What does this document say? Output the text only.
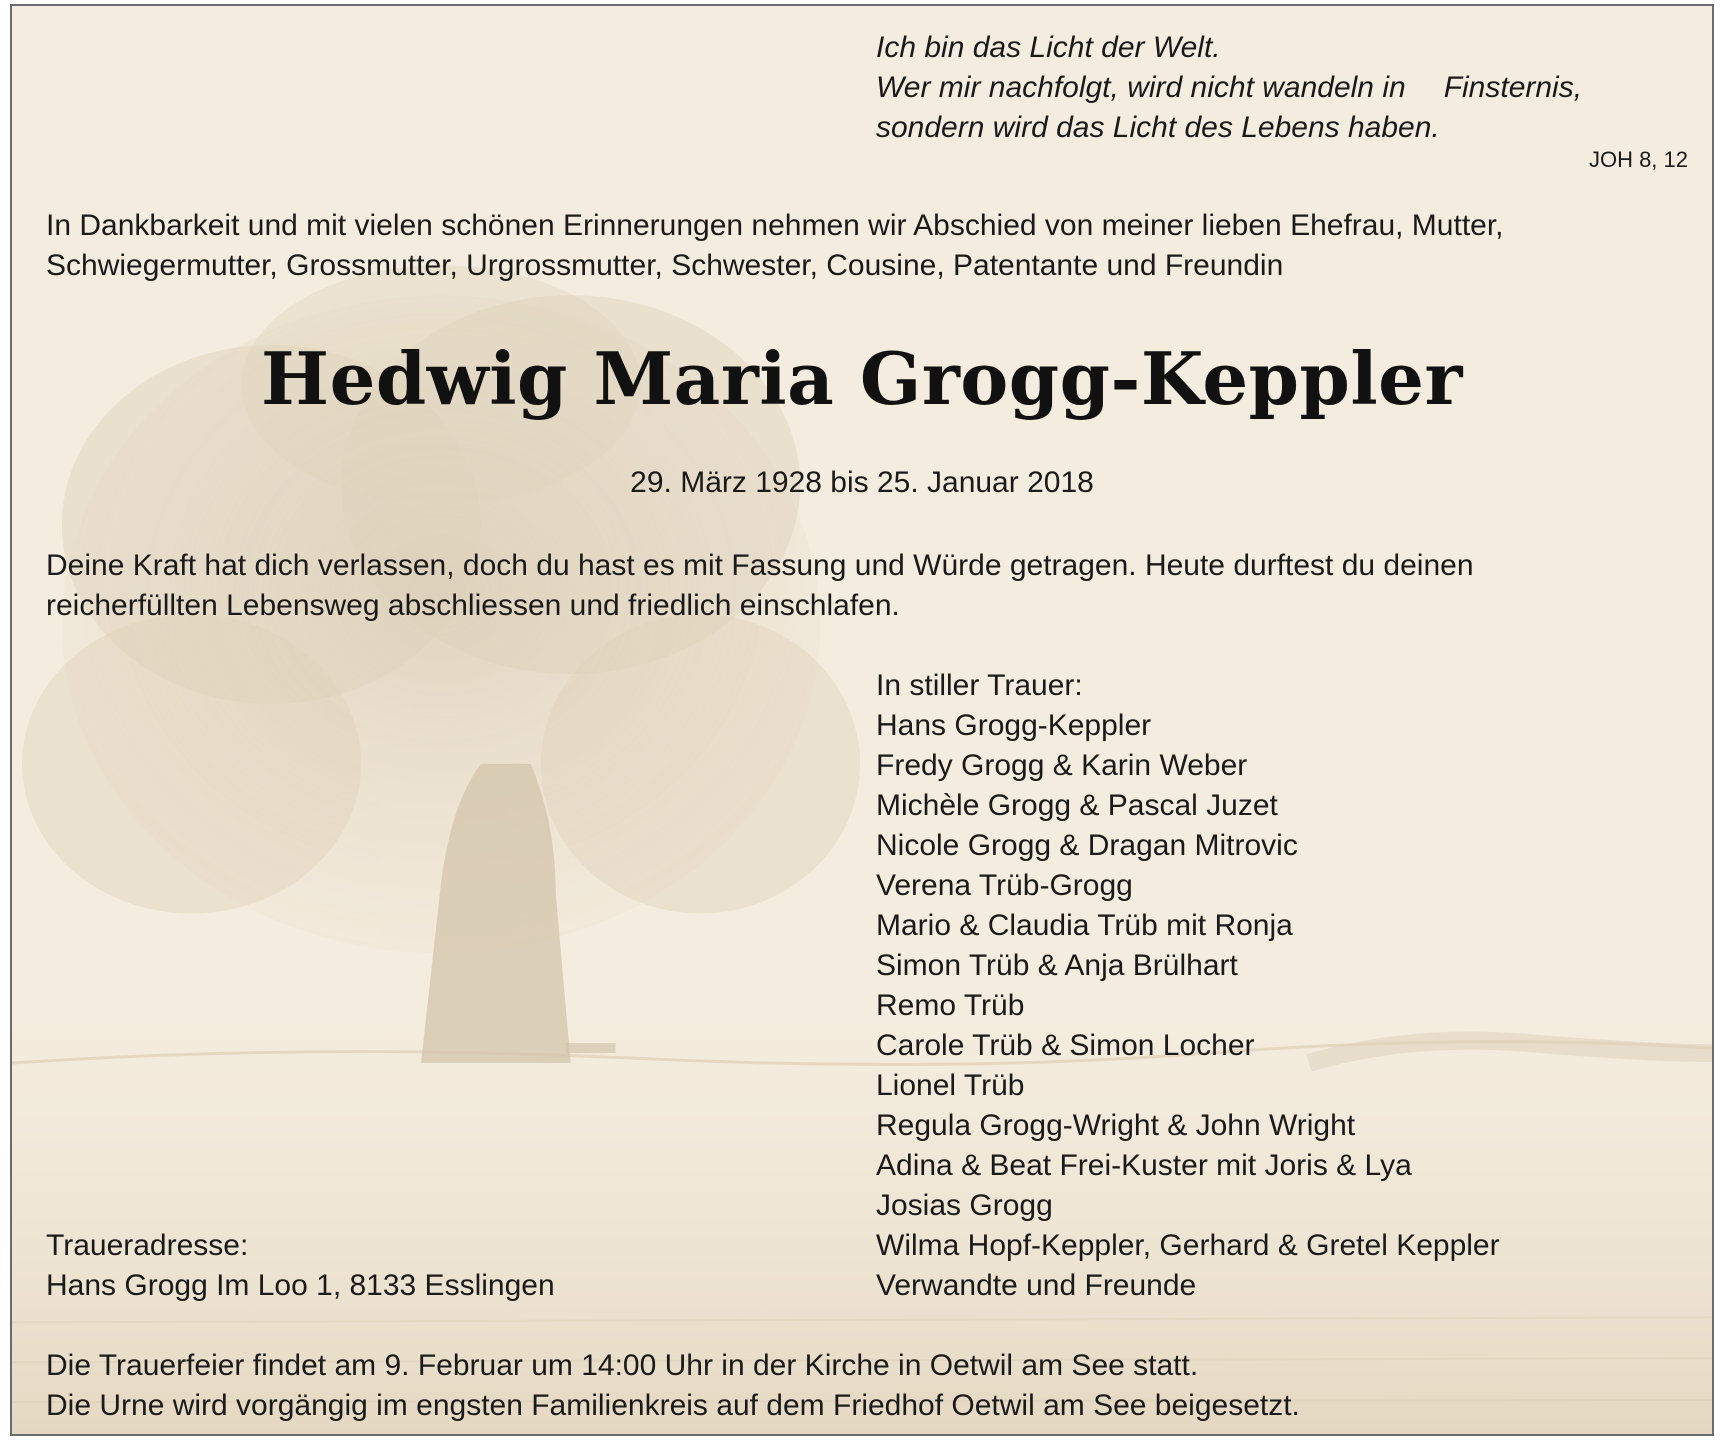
Ich bin das Licht der Welt.
Wer mir nachfolgt, wird nicht wandeln in Finsternis,
sondern wird das Licht des Lebens haben.
JOH 8, 12
In Dankbarkeit und mit vielen schönen Erinnerungen nehmen wir Abschied von meiner lieben Ehefrau, Mutter,
Schwiegermutter, Grossmutter, Urgrossmutter, Schwester, Cousine, Patentante und Freundin
Hedwig Maria Grogg-Keppler
29. März 1928 bis 25. Januar 2018
Deine Kraft hat dich verlassen, doch du hast es mit Fassung und Würde getragen. Heute durftest du deinen
reicherfüllten Lebensweg abschliessen und friedlich einschlafen.
In stiller Trauer:
Hans Grogg-Keppler
Fredy Grogg & Karin Weber
Michèle Grogg & Pascal Juzet
Nicole Grogg & Dragan Mitrovic
Verena Trüb-Grogg
Mario & Claudia Trüb mit Ronja
Simon Trüb & Anja Brülhart
Remo Trüb
Carole Trüb & Simon Locher
Lionel Trüb
Regula Grogg-Wright & John Wright
Adina & Beat Frei-Kuster mit Joris & Lya
Josias Grogg
Wilma Hopf-Keppler, Gerhard & Gretel Keppler
Verwandte und Freunde
Traueradresse:
Hans Grogg Im Loo 1, 8133 Esslingen
Die Trauerfeier findet am 9. Februar um 14:00 Uhr in der Kirche in Oetwil am See statt.
Die Urne wird vorgängig im engsten Familienkreis auf dem Friedhof Oetwil am See beigesetzt.
